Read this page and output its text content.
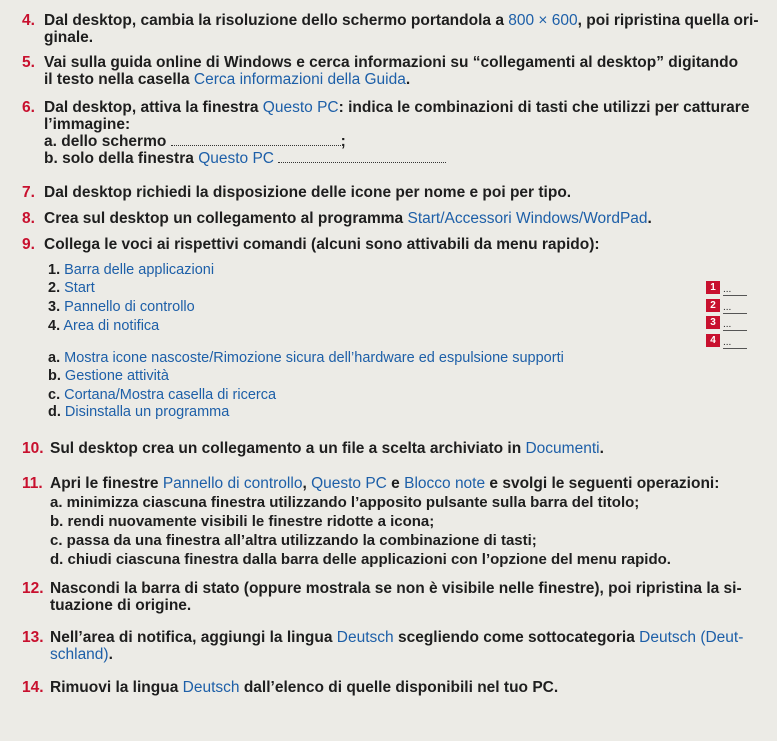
4. Dal desktop, cambia la risoluzione dello schermo portandola a 800 × 600, poi ripristina quella ori-
ginale.
5. Vai sulla guida online di Windows e cerca informazioni su “collegamenti al desktop” digitando
il testo nella casella Cerca informazioni della Guida.
6. Dal desktop, attiva la finestra Questo PC: indica le combinazioni di tasti che utilizzi per catturare
l’immagine:
a. dello schermo	;
b. solo della finestra Questo PC
7. Dal desktop richiedi la disposizione delle icone per nome e poi per tipo.
8. Crea sul desktop un collegamento al programma Start/Accessori Windows/WordPad.
9. Collega le voci ai rispettivi comandi (alcuni sono attivabili da menu rapido):
1. Barra delle applicazioni
2. Start
3. Pannello di controllo
4. Area di notifica
1 ...
2 ...
3 ...
4 ...
a. Mostra icone nascoste/Rimozione sicura dell’hardware ed espulsione supporti
b. Gestione attività
c. Cortana/Mostra casella di ricerca
d. Disinstalla un programma
10. Sul desktop crea un collegamento a un file a scelta archiviato in Documenti.
11. Apri le finestre Pannello di controllo, Questo PC e Blocco note e svolgi le seguenti operazioni:
a. minimizza ciascuna finestra utilizzando l’apposito pulsante sulla barra del titolo;
b. rendi nuovamente visibili le finestre ridotte a icona;
c. passa da una finestra all’altra utilizzando la combinazione di tasti;
d. chiudi ciascuna finestra dalla barra delle applicazioni con l’opzione del menu rapido.
12. Nascondi la barra di stato (oppure mostrala se non è visibile nelle finestre), poi ripristina la si-
tuazione di origine.
13. Nell’area di notifica, aggiungi la lingua Deutsch scegliendo come sottocategoria Deutsch (Deut-
schland).
14. Rimuovi la lingua Deutsch dall’elenco di quelle disponibili nel tuo PC.
